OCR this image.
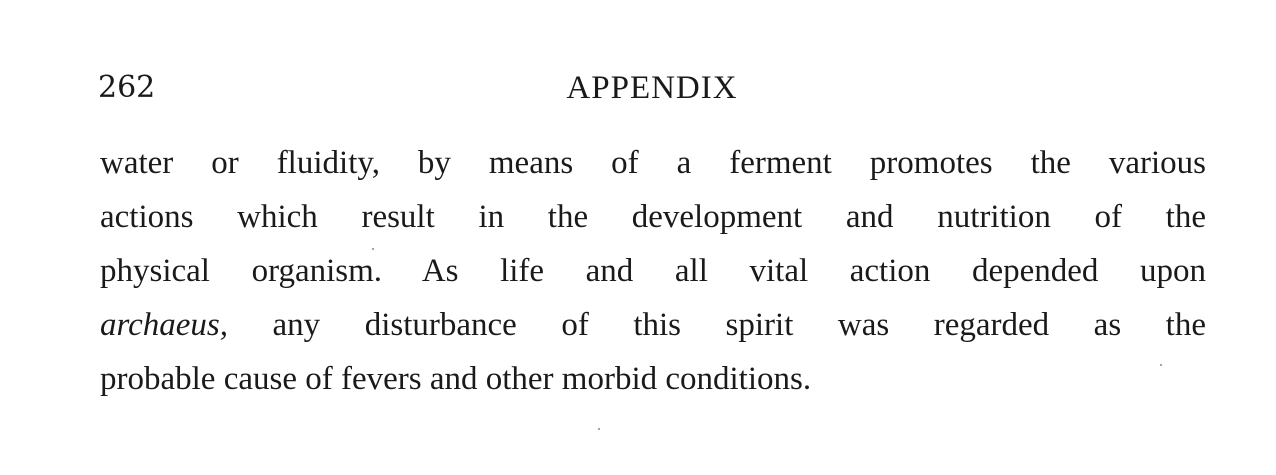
262	APPENDIX
water or fluidity, by means of a ferment promotes the various
actions which result in the development and nutrition of the
physical organism. As life and all vital action depended upon
archaeus, any disturbance of this spirit was regarded as the
probable cause of fevers and other morbid conditions.
